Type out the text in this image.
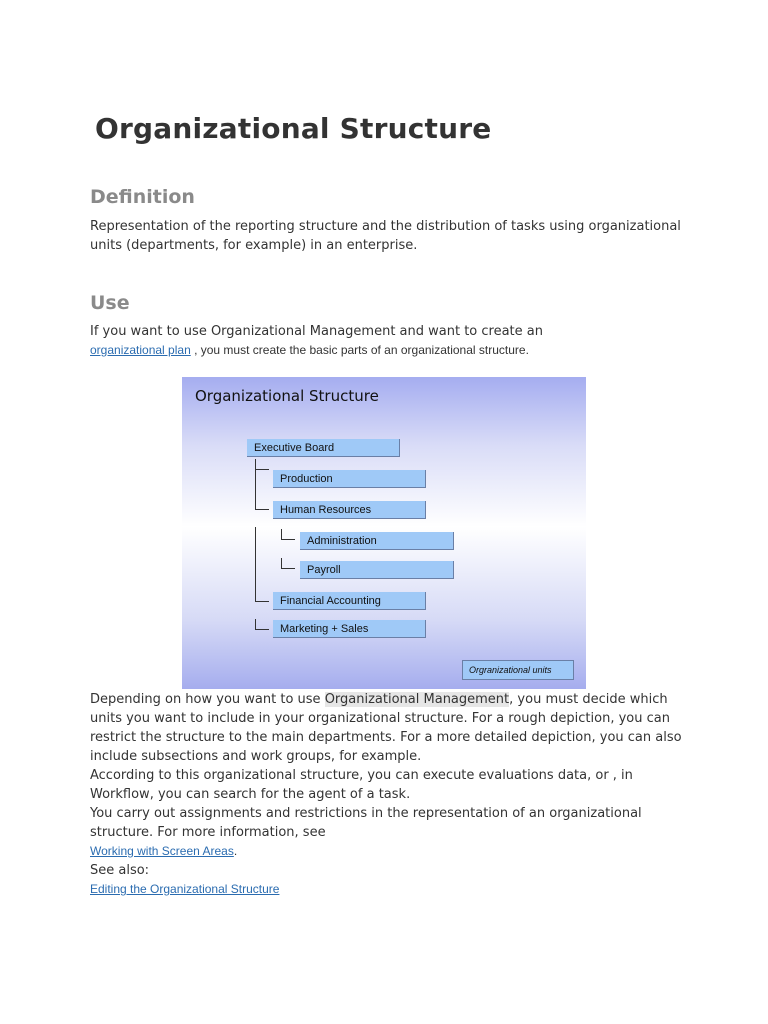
Organizational Structure
Definition

Representation of the reporting structure and the distribution of tasks using organizational
units (departments, for example) in an enterprise.

Use

If you want to use Organizational Management and want to create an
organizational plan , you must create the basic parts of an organizational structure.

Organizational Structure
Executive Board
Production
Human Resources
Administration
Payroll
Financial Accounting
Marketing + Sales
Orgranizational units

Depending on how you want to use Organizational Management, you must decide which
units you want to include in your organizational structure. For a rough depiction, you can
restrict the structure to the main departments. For a more detailed depiction, you can also
include subsections and work groups, for example.
According to this organizational structure, you can execute evaluations data, or , in
Workflow, you can search for the agent of a task.
You carry out assignments and restrictions in the representation of an organizational
structure. For more information, see
Working with Screen Areas.
See also:
Editing the Organizational Structure
